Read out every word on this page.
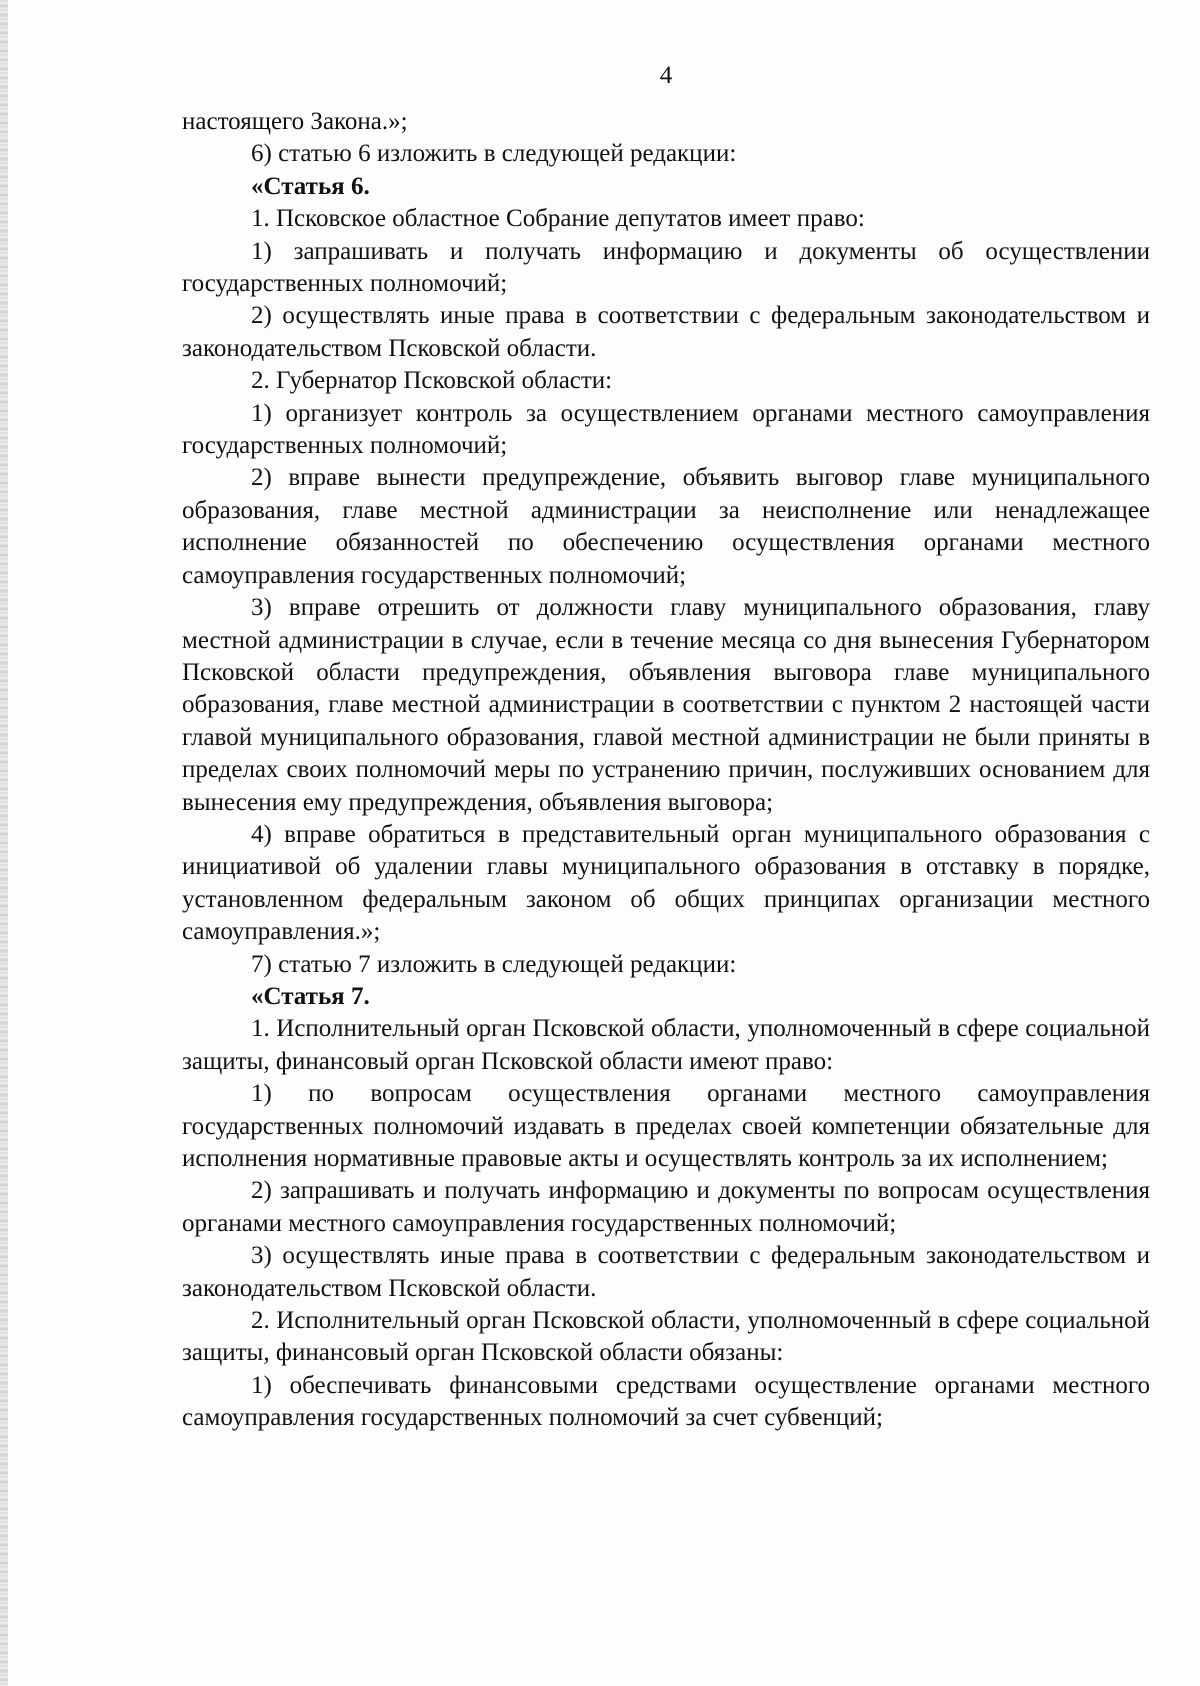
4

настоящего Закона.»;

6) статью 6 изложить в следующей редакции:

«Статья 6.

1. Псковское областное Собрание депутатов имеет право:

1) запрашивать и получать информацию и документы об осуществлении государственных полномочий;

2) осуществлять иные права в соответствии с федеральным законодательством и законодательством Псковской области.

2. Губернатор Псковской области:

1) организует контроль за осуществлением органами местного самоуправления государственных полномочий;

2) вправе вынести предупреждение, объявить выговор главе муниципального образования, главе местной администрации за неисполнение или ненадлежащее исполнение обязанностей по обеспечению осуществления органами местного самоуправления государственных полномочий;

3) вправе отрешить от должности главу муниципального образования, главу местной администрации в случае, если в течение месяца со дня вынесения Губернатором Псковской области предупреждения, объявления выговора главе муниципального образования, главе местной администрации в соответствии с пунктом 2 настоящей части главой муниципального образования, главой местной администрации не были приняты в пределах своих полномочий меры по устранению причин, послуживших основанием для вынесения ему предупреждения, объявления выговора;

4) вправе обратиться в представительный орган муниципального образования с инициативой об удалении главы муниципального образования в отставку в порядке, установленном федеральным законом об общих принципах организации местного самоуправления.»;

7) статью 7 изложить в следующей редакции:

«Статья 7.

1. Исполнительный орган Псковской области, уполномоченный в сфере социальной защиты, финансовый орган Псковской области имеют право:

1) по вопросам осуществления органами местного самоуправления государственных полномочий издавать в пределах своей компетенции обязательные для исполнения нормативные правовые акты и осуществлять контроль за их исполнением;

2) запрашивать и получать информацию и документы по вопросам осуществления органами местного самоуправления государственных полномочий;

3) осуществлять иные права в соответствии с федеральным законодательством и законодательством Псковской области.

2. Исполнительный орган Псковской области, уполномоченный в сфере социальной защиты, финансовый орган Псковской области обязаны:

1) обеспечивать финансовыми средствами осуществление органами местного самоуправления государственных полномочий за счет субвенций;
